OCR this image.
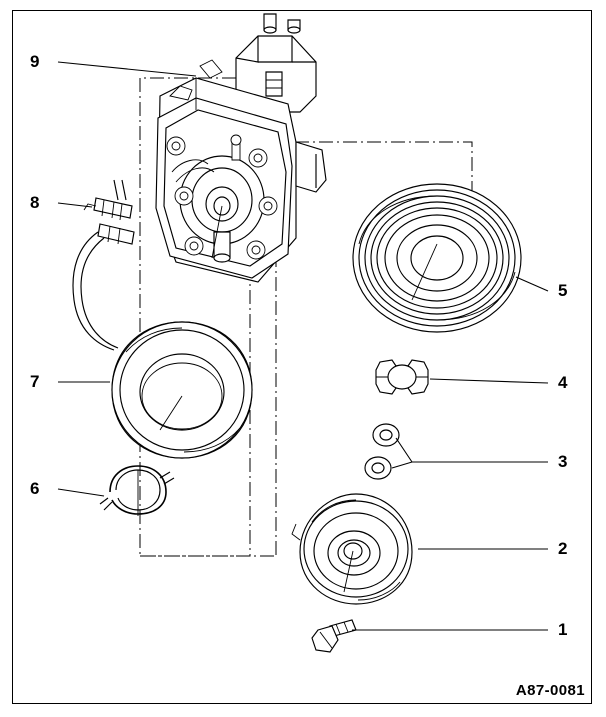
1
2
3
4
5
6
7
8
9
A87-0081
